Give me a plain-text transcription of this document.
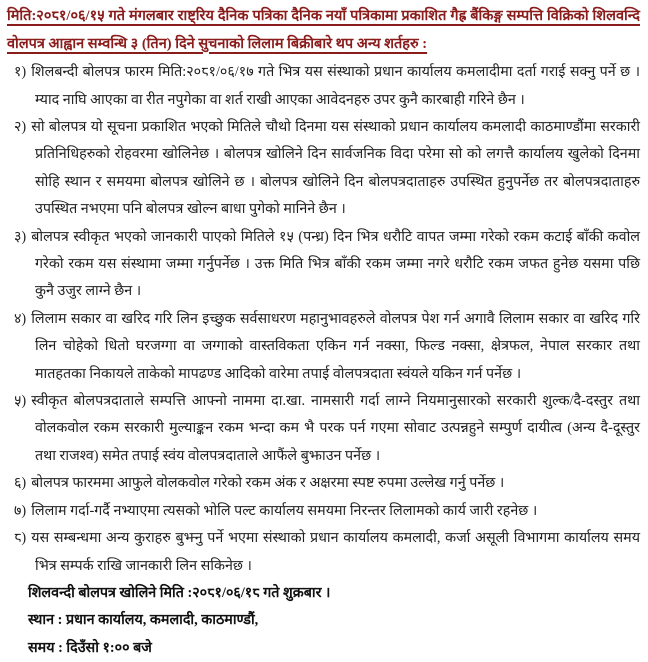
मिति:२०८१/०६/१५ गते मंगलबार राष्ट्रिय दैनिक पत्रिका दैनिक नयाँ पत्रिकामा प्रकाशित गैह्र बैंकिङ्ग सम्पत्ति विक्रिको शिलवन्दि वोलपत्र आह्वान सम्वन्धि ३ (तिन) दिने सुचनाको लिलाम बिक्रीबारे थप अन्य शर्तहरु :

१) शिलबन्दी बोलपत्र फारम मिति:२०८१/०६/१७ गते भित्र यस संस्थाको प्रधान कार्यालय कमलादीमा दर्ता गराई सक्नु पर्ने छ । म्याद नाघि आएका वा रीत नपुगेका वा शर्त राखी आएका आवेदनहरु उपर कुनै कारबाही गरिने छैन ।
२) सो बोलपत्र यो सूचना प्रकाशित भएको मितिले चौथो दिनमा यस संस्थाको प्रधान कार्यालय कमलादी काठमाण्डौंमा सरकारी प्रतिनिधिहरुको रोहवरमा खोलिनेछ । बोलपत्र खोलिने दिन सार्वजनिक विदा परेमा सो को लगत्तै कार्यालय खुलेको दिनमा सोहि स्थान र समयमा बोलपत्र खोलिने छ । बोलपत्र खोलिने दिन बोलपत्रदाताहरु उपस्थित हुनुपर्नेछ तर बोलपत्रदाताहरु उपस्थित नभएमा पनि बोलपत्र खोल्न बाधा पुगेको मानिने छैन ।
३) बोलपत्र स्वीकृत भएको जानकारी पाएको मितिले १५ (पन्ध्र) दिन भित्र धरौटि वापत जम्मा गरेको रकम कटाई बाँकी कवोल गरेको रकम यस संस्थामा जम्मा गर्नुपर्नेछ । उक्त मिति भित्र बाँकी रकम जम्मा नगरे धरौटि रकम जफत हुनेछ यसमा पछि कुनै उजुर लाग्ने छैन ।
४) लिलाम सकार वा खरिद गरि लिन इच्छुक सर्वसाधरण महानुभावहरुले वोलपत्र पेश गर्न अगावै लिलाम सकार वा खरिद गरि लिन चोहेको धितो घरजग्गा वा जग्गाको वास्तविकता एकिन गर्न नक्सा, फिल्ड नक्सा, क्षेत्रफल, नेपाल सरकार तथा मातहतका निकायले ताकेको मापढण्ड आदिको वारेमा तपाई वोलपत्रदाता स्वंयले यकिन गर्न पर्नेछ ।
५) स्वीकृत बोलपत्रदाताले सम्पत्ति आफ्नो नाममा दा.खा. नामसारी गर्दा लाग्ने नियमानुसारको सरकारी शुल्क/दै-दस्तुर तथा वोलकवोल रकम सरकारी मुल्याङ्कन रकम भन्दा कम भै परक पर्न गएमा सोवाट उत्पन्नहुने सम्पुर्ण दायीत्व (अन्य दै-दूस्तुर तथा राजश्व) समेत तपाई स्वंय वोलपत्रदाताले आफैंले बुझाउन पर्नेछ ।
६) बोलपत्र फारममा आफुले वोलकवोल गरेको रकम अंक र अक्षरमा स्पष्ट रुपमा उल्लेख गर्नु पर्नेछ ।
७) लिलाम गर्दा-गर्दै नभ्याएमा त्यसको भोलि पल्ट कार्यालय समयमा निरन्तर लिलामको कार्य जारी रहनेछ ।
८) यस सम्बन्धमा अन्य कुराहरु बुझ्नु पर्ने भएमा संस्थाको प्रधान कार्यालय कमलादी, कर्जा असूली विभागमा कार्यालय समय भित्र सम्पर्क राखि जानकारी लिन सकिनेछ ।
शिलवन्दी बोलपत्र खोलिने मिति :२०८१/०६/१८ गते शुक्रबार ।
स्थान : प्रधान कार्यालय, कमलादी, काठमाण्डौं,
समय : दिउँसो १:०० बजे
